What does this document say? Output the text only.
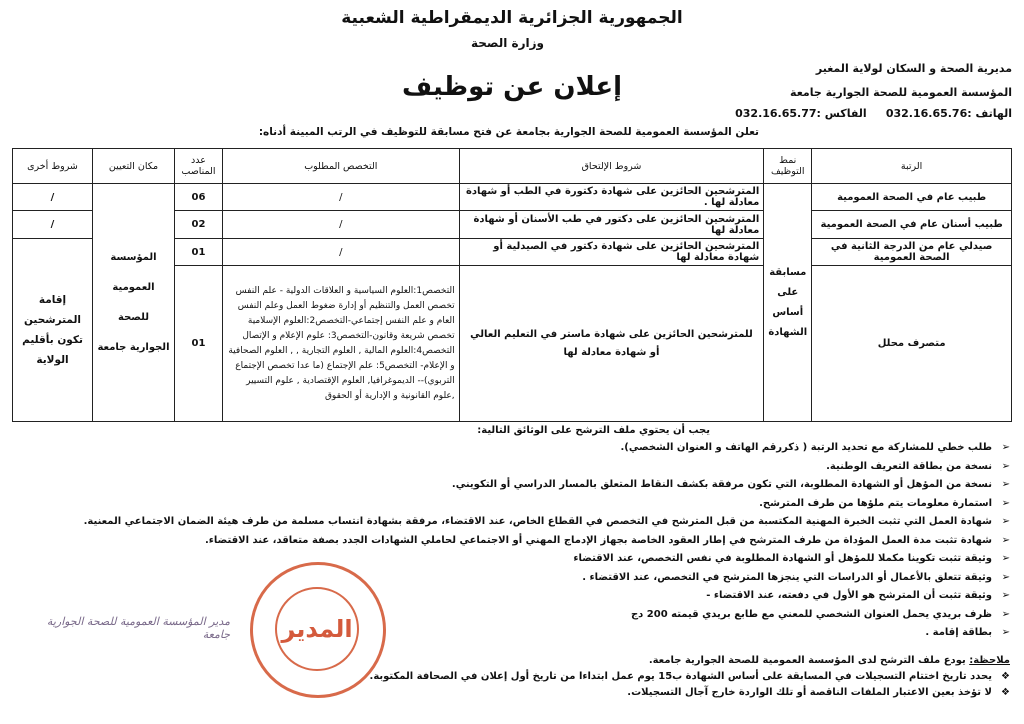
الجمهورية الجزائرية الديمقراطية الشعبية
وزارة الصحة
إعلان عن توظيف
مديرية الصحة و السكان لولاية المغير
المؤسسة العمومية للصحة الجوارية جامعة
الهاتف :032.16.65.76     الفاكس :032.16.65.77
تعلن المؤسسة العمومية للصحة الجوارية بجامعة عن فتح مسابقة للتوظيف في الرتب المبينة أدناه:
الرتبة	نمط التوظيف	شروط الإلتحاق	التخصص المطلوب	عدد المناصب	مكان التعيين	شروط أخرى
طبيب عام في الصحة العمومية	مسابقة على أساس الشهادة	المترشحين الحائزين على شهادة دكتورة في الطب أو شهادة معادلة لها .	/	06	المؤسسة العمومية للصحة الجوارية جامعة	/
طبيب أسنان عام في الصحة العمومية		المترشحين الحائزين على دكتور في طب الأسنان أو شهادة معادلة لها	/	02		/
صيدلي عام من الدرجة الثانية في الصحة العمومية		المترشحين الحائزين على شهادة دكتور في الصيدلية أو شهادة معادلة لها	/	01		إقامة المترشحين تكون بأقليم الولاية
متصرف محلل		للمترشحين الحائزين على شهادة ماستر في التعليم العالي أو شهادة معادلة لها	التخصص1:العلوم السياسية و العلاقات الدولية - علم النفس تخصص العمل والتنظيم أو إدارة ضغوط العمل وعلم النفس العام و علم النفس إجتماعي-التخصص2:العلوم الإسلامية تخصص شريعة وقانون-التخصص3: علوم الإعلام و الإتصال التخصص4:العلوم المالية , العلوم التجارية , , العلوم الصحافية و الإعلام- التخصص5: علم الإجتماع (ما عدا تخصص الإجتماع التربوي)-- الديموغرافيا, العلوم الإقتصادية , علوم التسيير ,علوم القانونية و الإدارية أو الحقوق	01		
يجب أن يحتوي ملف الترشح على الوثائق التالية:
➢طلب خطي للمشاركة مع تحديد الرتبة ( ذكررقم الهاتف و العنوان الشخصي).
➢نسخة من بطاقة التعريف الوطنية.
➢نسخة من المؤهل أو الشهادة المطلوبة، التي تكون مرفقة بكشف النقاط المتعلق بالمسار الدراسي أو التكويني.
➢استمارة معلومات يتم ملؤها من طرف المترشح.
➢شهادة العمل التي تثبت الخبرة المهنية المكتسبة من قبل المترشح في التخصص في القطاع الخاص، عند الاقتضاء، مرفقة بشهادة انتساب مسلمة من طرف هيئة الضمان الاجتماعي المعنية.
➢شهادة تثبت مدة العمل المؤداة من طرف المترشح في إطار العقود الخاصة بجهاز الإدماج المهني أو الاجتماعي لحاملي الشهادات الجدد بصفة متعاقد، عند الاقتضاء.
➢وثيقة تثبت تكوينا مكملا للمؤهل أو الشهادة المطلوبة في نفس التخصص، عند الاقتضاء
➢وثيقة تتعلق بالأعمال أو الدراسات التي ينجزها المترشح في التخصص، عند الاقتضاء .
➢وثيقة تثبت أن المترشح هو الأول في دفعته، عند الاقتضاء -
➢ظرف بريدي يحمل العنوان الشخصي للمعني مع طابع بريدي قيمته 200 دج
➢بطاقة إقامة .
ملاحظة: يودع ملف الترشح لدى المؤسسة العمومية للصحة الجوارية جامعة.
❖يحدد تاريخ اختتام التسجيلات في المسابقة على أساس الشهادة ب15 يوم عمل ابتداءا من تاريخ أول إعلان في الصحافة المكتوبة.
❖لا تؤخذ بعين الاعتبار الملفات الناقصة أو تلك الواردة خارج آجال التسجيلات.
المدير
مدير المؤسسة العمومية للصحة الجوارية جامعة
